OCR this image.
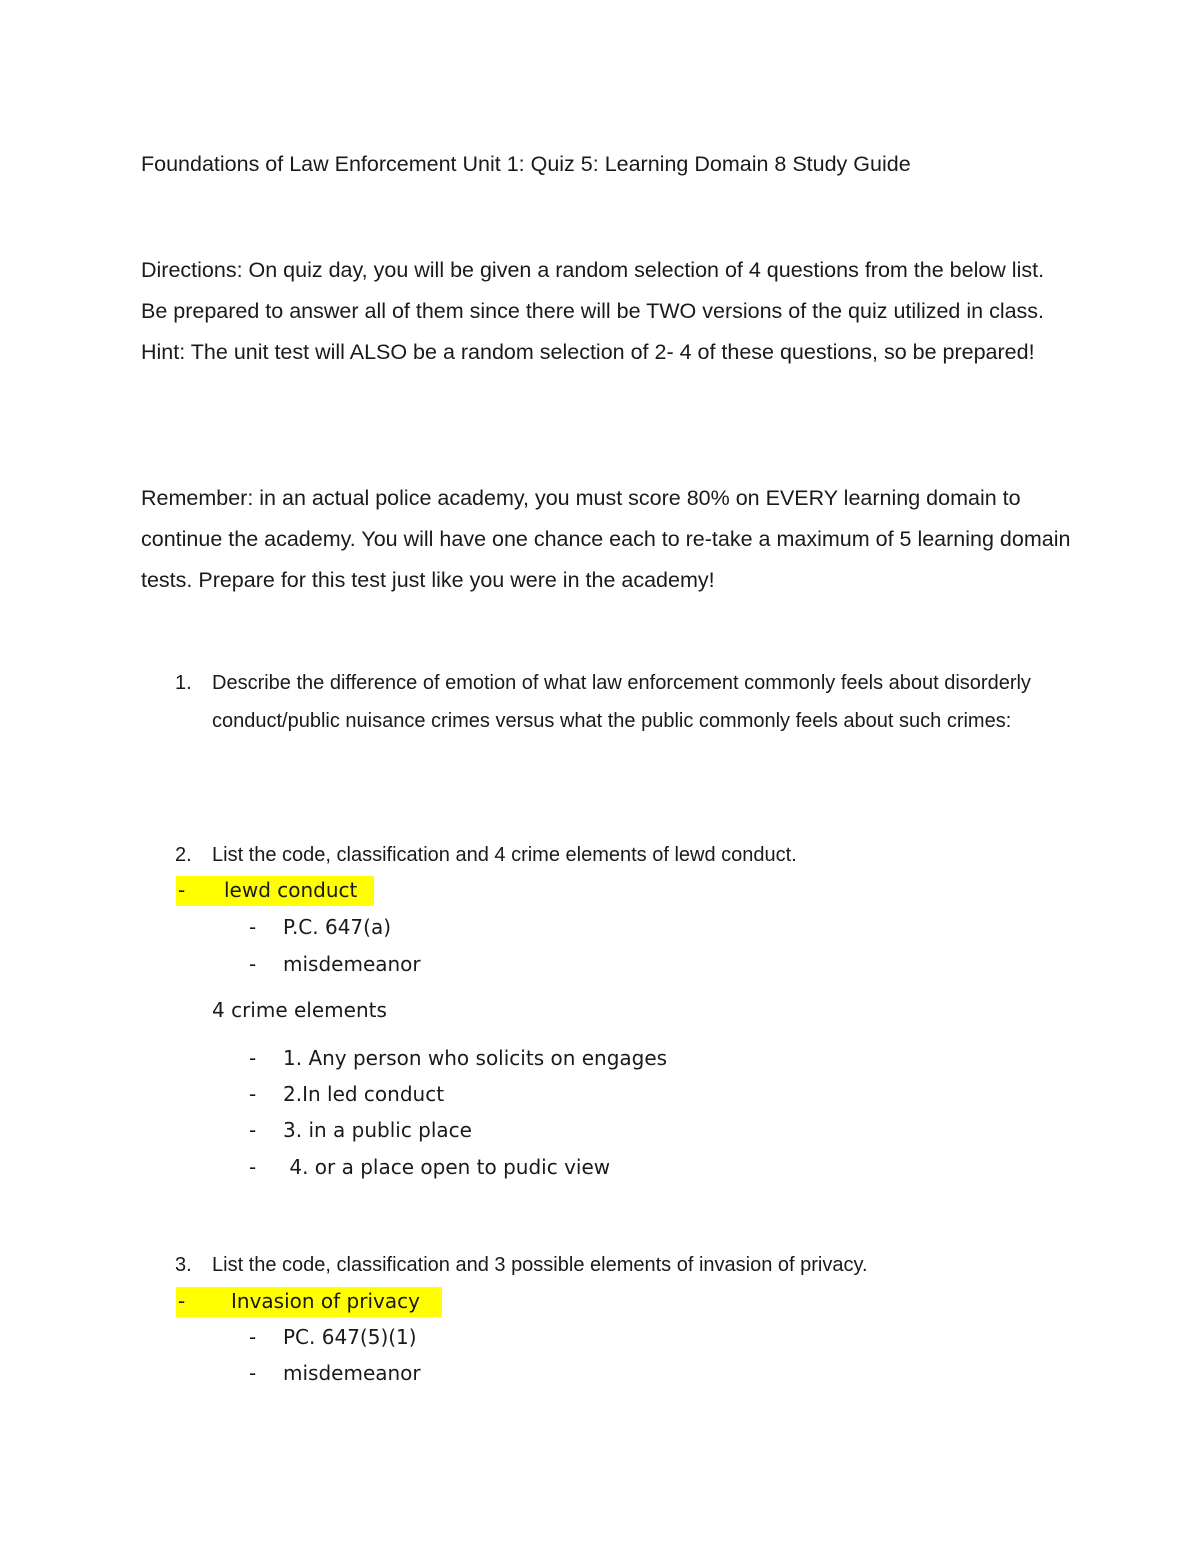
Foundations of Law Enforcement Unit 1: Quiz 5: Learning Domain 8 Study Guide
Directions: On quiz day, you will be given a random selection of 4 questions from the below list. Be prepared to answer all of them since there will be TWO versions of the quiz utilized in class. Hint: The unit test will ALSO be a random selection of 2- 4 of these questions, so be prepared!
Remember: in an actual police academy, you must score 80% on EVERY learning domain to continue the academy. You will have one chance each to re-take a maximum of 5 learning domain tests. Prepare for this test just like you were in the academy!
1. Describe the difference of emotion of what law enforcement commonly feels about disorderly conduct/public nuisance crimes versus what the public commonly feels about such crimes:
2. List the code, classification and 4 crime elements of lewd conduct.
- lewd conduct
- P.C. 647(a)
- misdemeanor
4 crime elements
- 1. Any person who solicits on engages
- 2.In led conduct
- 3. in a public place
- 4. or a place open to pudic view
3. List the code, classification and 3 possible elements of invasion of privacy.
- Invasion of privacy
- PC. 647(5)(1)
- misdemeanor
